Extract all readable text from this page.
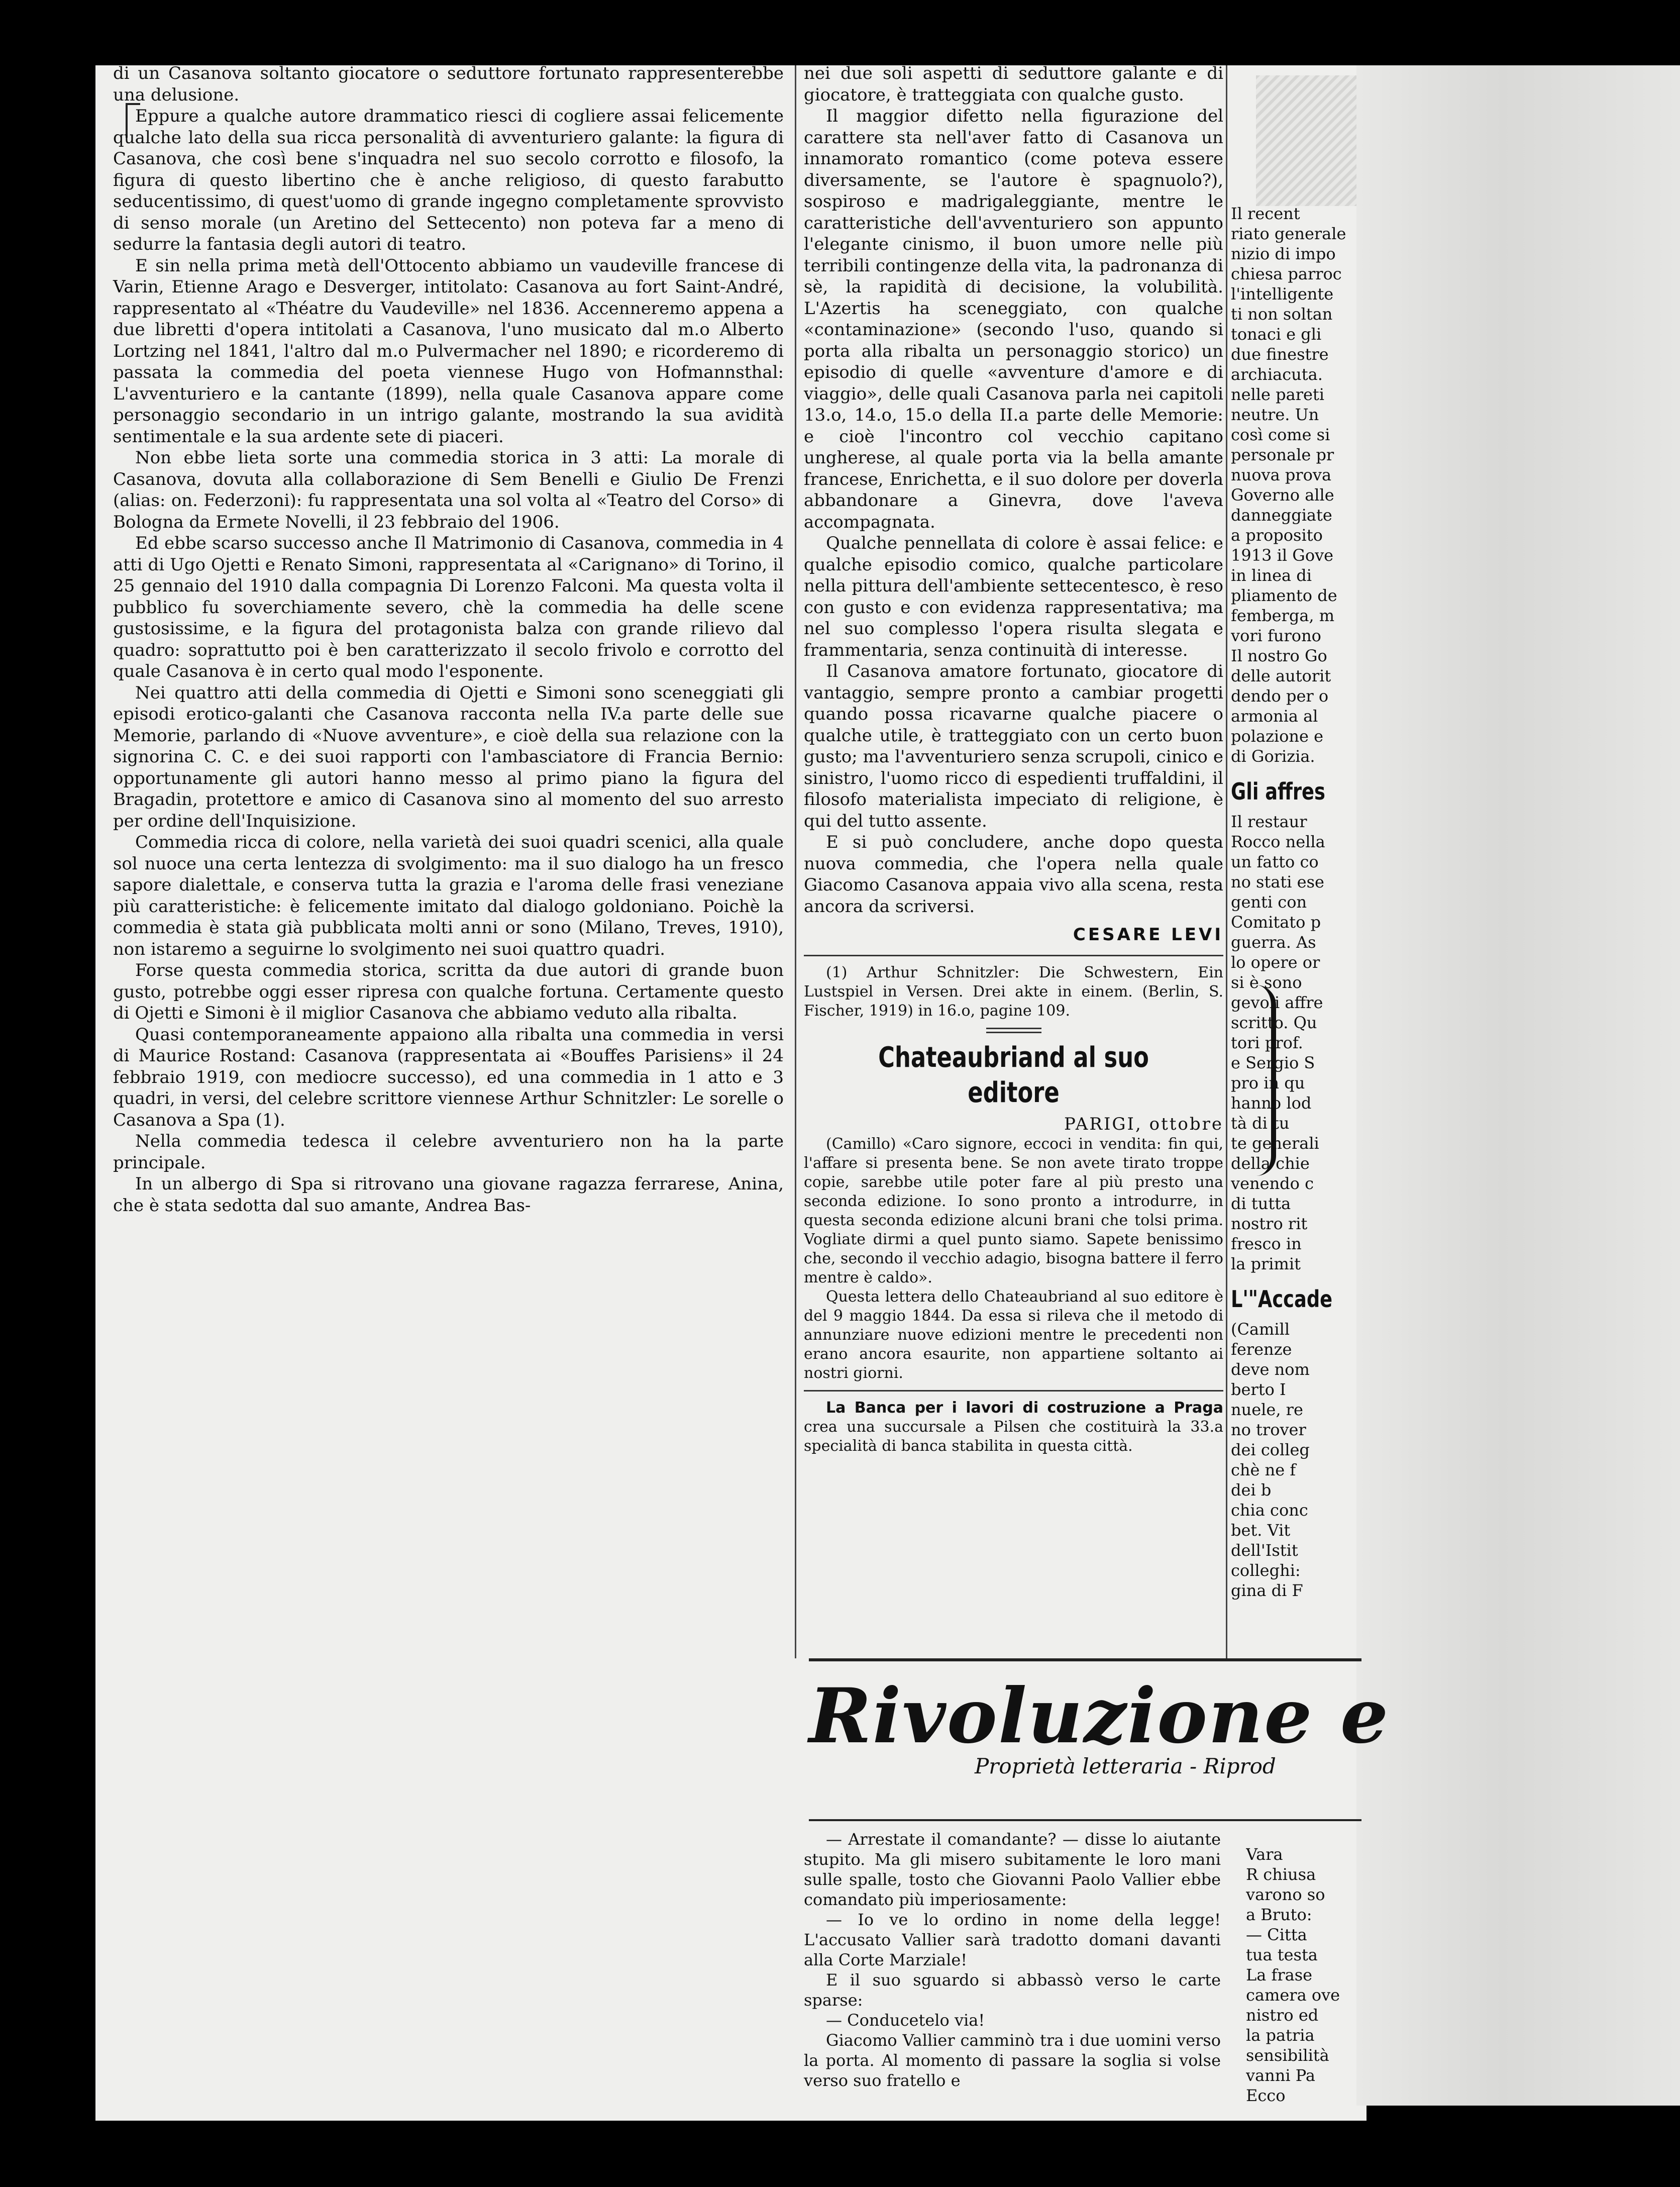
di un Casanova soltanto giocatore o seduttore fortunato rappresenterebbe una delusione.

Eppure a qualche autore drammatico riesci di cogliere assai felicemente qualche lato della sua ricca personalità di avventuriero galante: la figura di Casanova, che così bene s'inquadra nel suo secolo corrotto e filosofo, la figura di questo libertino che è anche religioso, di questo farabutto seducentissimo, di quest'uomo di grande ingegno completamente sprovvisto di senso morale (un Aretino del Settecento) non poteva far a meno di sedurre la fantasia degli autori di teatro.

E sin nella prima metà dell'Ottocento abbiamo un vaudeville francese di Varin, Etienne Arago e Desverger, intitolato: Casanova au fort Saint-André, rappresentato al «Théatre du Vaudeville» nel 1836. Accenneremo appena a due libretti d'opera intitolati a Casanova, l'uno musicato dal m.o Alberto Lortzing nel 1841, l'altro dal m.o Pulvermacher nel 1890; e ricorderemo di passata la commedia del poeta viennese Hugo von Hofmannsthal: L'avventuriero e la cantante (1899), nella quale Casanova appare come personaggio secondario in un intrigo galante, mostrando la sua avidità sentimentale e la sua ardente sete di piaceri.

Non ebbe lieta sorte una commedia storica in 3 atti: La morale di Casanova, dovuta alla collaborazione di Sem Benelli e Giulio De Frenzi (alias: on. Federzoni): fu rappresentata una sol volta al «Teatro del Corso» di Bologna da Ermete Novelli, il 23 febbraio del 1906.

Ed ebbe scarso successo anche Il Matrimonio di Casanova, commedia in 4 atti di Ugo Ojetti e Renato Simoni, rappresentata al «Carignano» di Torino, il 25 gennaio del 1910 dalla compagnia Di Lorenzo Falconi. Ma questa volta il pubblico fu soverchiamente severo, chè la commedia ha delle scene gustosissime, e la figura del protagonista balza con grande rilievo dal quadro: soprattutto poi è ben caratterizzato il secolo frivolo e corrotto del quale Casanova è in certo qual modo l'esponente.

Nei quattro atti della commedia di Ojetti e Simoni sono sceneggiati gli episodi erotico-galanti che Casanova racconta nella IV.a parte delle sue Memorie, parlando di «Nuove avventure», e cioè della sua relazione con la signorina C. C. e dei suoi rapporti con l'ambasciatore di Francia Bernio: opportunamente gli autori hanno messo al primo piano la figura del Bragadin, protettore e amico di Casanova sino al momento del suo arresto per ordine dell'Inquisizione.

Commedia ricca di colore, nella varietà dei suoi quadri scenici, alla quale sol nuoce una certa lentezza di svolgimento: ma il suo dialogo ha un fresco sapore dialettale, e conserva tutta la grazia e l'aroma delle frasi veneziane più caratteristiche: è felicemente imitato dal dialogo goldoniano. Poichè la commedia è stata già pubblicata molti anni or sono (Milano, Treves, 1910), non istaremo a seguirne lo svolgimento nei suoi quattro quadri.

Forse questa commedia storica, scritta da due autori di grande buon gusto, potrebbe oggi esser ripresa con qualche fortuna. Certamente questo di Ojetti e Simoni è il miglior Casanova che abbiamo veduto alla ribalta.

Quasi contemporaneamente appaiono alla ribalta una commedia in versi di Maurice Rostand: Casanova (rappresentata ai «Bouffes Parisiens» il 24 febbraio 1919, con mediocre successo), ed una commedia in 1 atto e 3 quadri, in versi, del celebre scrittore viennese Arthur Schnitzler: Le sorelle o Casanova a Spa (1).

Nella commedia tedesca il celebre avventuriero non ha la parte principale.

In un albergo di Spa si ritrovano una giovane ragazza ferrarese, Anina, che è stata sedotta dal suo amante, Andrea Bas-

nei due soli aspetti di seduttore galante e di giocatore, è tratteggiata con qualche gusto.

Il maggior difetto nella figurazione del carattere sta nell'aver fatto di Casanova un innamorato romantico (come poteva essere diversamente, se l'autore è spagnuolo?), sospiroso e madrigaleggiante, mentre le caratteristiche dell'avventuriero son appunto l'elegante cinismo, il buon umore nelle più terribili contingenze della vita, la padronanza di sè, la rapidità di decisione, la volubilità. L'Azertis ha sceneggiato, con qualche «contaminazione» (secondo l'uso, quando si porta alla ribalta un personaggio storico) un episodio di quelle «avventure d'amore e di viaggio», delle quali Casanova parla nei capitoli 13.o, 14.o, 15.o della II.a parte delle Memorie: e cioè l'incontro col vecchio capitano ungherese, al quale porta via la bella amante francese, Enrichetta, e il suo dolore per doverla abbandonare a Ginevra, dove l'aveva accompagnata.

Qualche pennellata di colore è assai felice: e qualche episodio comico, qualche particolare nella pittura dell'ambiente settecentesco, è reso con gusto e con evidenza rappresentativa; ma nel suo complesso l'opera risulta slegata e frammentaria, senza continuità di interesse.

Il Casanova amatore fortunato, giocatore di vantaggio, sempre pronto a cambiar progetti quando possa ricavarne qualche piacere o qualche utile, è tratteggiato con un certo buon gusto; ma l'avventuriero senza scrupoli, cinico e sinistro, l'uomo ricco di espedienti truffaldini, il filosofo materialista impeciato di religione, è qui del tutto assente.

E si può concludere, anche dopo questa nuova commedia, che l'opera nella quale Giacomo Casanova appaia vivo alla scena, resta ancora da scriversi.

CESARE LEVI

(1) Arthur Schnitzler: Die Schwestern, Ein Lustspiel in Versen. Drei akte in einem. (Berlin, S. Fischer, 1919) in 16.o, pagine 109.

Chateaubriand al suo editore
PARIGI, ottobre

(Camillo) «Caro signore, eccoci in vendita: fin qui, l'affare si presenta bene. Se non avete tirato troppe copie, sarebbe utile poter fare al più presto una seconda edizione. Io sono pronto a introdurre, in questa seconda edizione alcuni brani che tolsi prima. Vogliate dirmi a quel punto siamo. Sapete benissimo che, secondo il vecchio adagio, bisogna battere il ferro mentre è caldo».

Questa lettera dello Chateaubriand al suo editore è del 9 maggio 1844. Da essa si rileva che il metodo di annunziare nuove edizioni mentre le precedenti non erano ancora esaurite, non appartiene soltanto ai nostri giorni.

La Banca per i lavori di costruzione a Praga crea una succursale a Pilsen che costituirà la 33.a specialità di banca stabilita in questa città.

Il recent
riato generale
nizio di impo
chiesa parroc
l'intelligente
ti non soltan
tonaci e gli
due finestre
archiacuta.
nelle pareti
neutre. Un
così come si
personale pr
nuova prova
Governo alle
danneggiate
a proposito
1913 il Gove
in linea di
pliamento de
femberga, m
vori furono
Il nostro Go
delle autorit
dendo per o
armonia al
polazione e
di Gorizia.
Gli affres
Il restaur
Rocco nella
un fatto co
no stati ese
genti con
Comitato p
guerra. As
lo opere or
si è sono
gevoli affre
scritto. Qu
tori prof.
e Sergio S
pro in qu
hanno lod
tà di tu
te generali
della chie
venendo c
di tutta
nostro rit
fresco in
la primit
L'"Accade
(Camill
ferenze
deve nom
berto I
nuele, re
no trover
dei colleg
chè ne f
dei b
chia conc
bet. Vit
dell'Istit
colleghi:
gina di F
Rivoluzione e
Proprietà letteraria - Riprod

— Arrestate il comandante? — disse lo aiutante stupito. Ma gli misero subitamente le loro mani sulle spalle, tosto che Giovanni Paolo Vallier ebbe comandato più imperiosamente:

— Io ve lo ordino in nome della legge! L'accusato Vallier sarà tradotto domani davanti alla Corte Marziale!

E il suo sguardo si abbassò verso le carte sparse:

— Conducetelo via!

Giacomo Vallier camminò tra i due uomini verso la porta. Al momento di passare la soglia si volse verso suo fratello e

Vara
R chiusa
varono so
a Bruto:
— Citta
tua testa
La frase
camera ove
nistro ed
la patria
sensibilità
vanni Pa
Ecco
